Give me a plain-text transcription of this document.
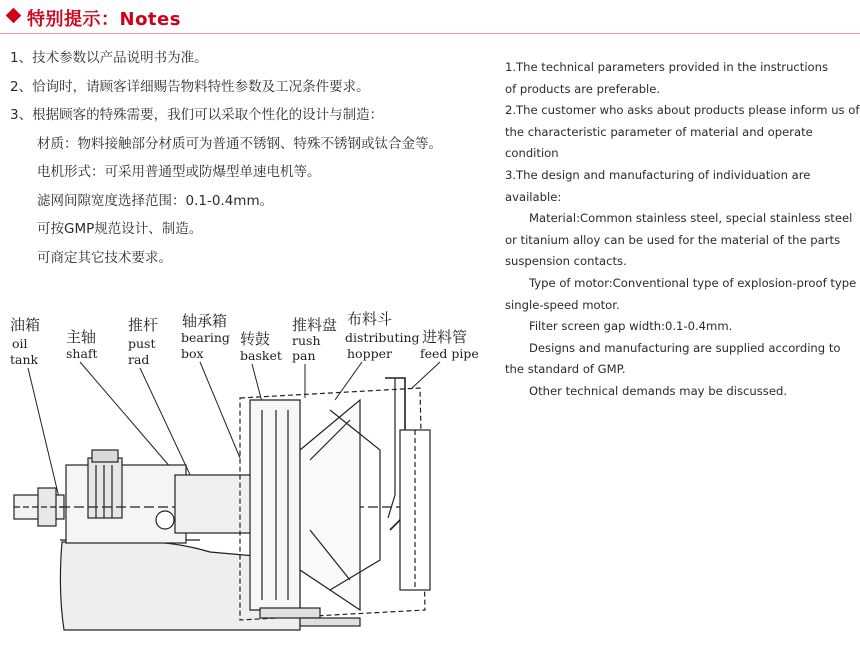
特别提示：Notes
1、技术参数以产品说明书为准。
2、恰询时，请顾客详细赐告物料特性参数及工况条件要求。
3、根据顾客的特殊需要，我们可以采取个性化的设计与制造：
材质：物料接触部分材质可为普通不锈钢、特殊不锈钢或钛合金等。
电机形式：可采用普通型或防爆型单速电机等。
滤网间隙宽度选择范围：0.1-0.4mm。
可按GMP规范设计、制造。
可商定其它技术要求。
1.The technical parameters provided in the instructions
of products are preferable.
2.The customer who asks about products please inform us of
the characteristic parameter of material and operate
condition
3.The design and manufacturing of individuation are
available:
Material:Common stainless steel, special stainless steel
or titanium alloy can be used for the material of the parts
suspension contacts.
Type of motor:Conventional type of explosion-proof type
single-speed motor.
Filter screen gap width:0.1-0.4mm.
Designs and manufacturing are supplied according to
the standard of GMP.
Other technical demands may be discussed.
油箱
oil
tank
主轴
shaft
推杆
pust
rad
轴承箱
bearing
box
转鼓
basket
推料盘
rush
pan
布料斗
distributing
hopper
进料管
feed pipe
